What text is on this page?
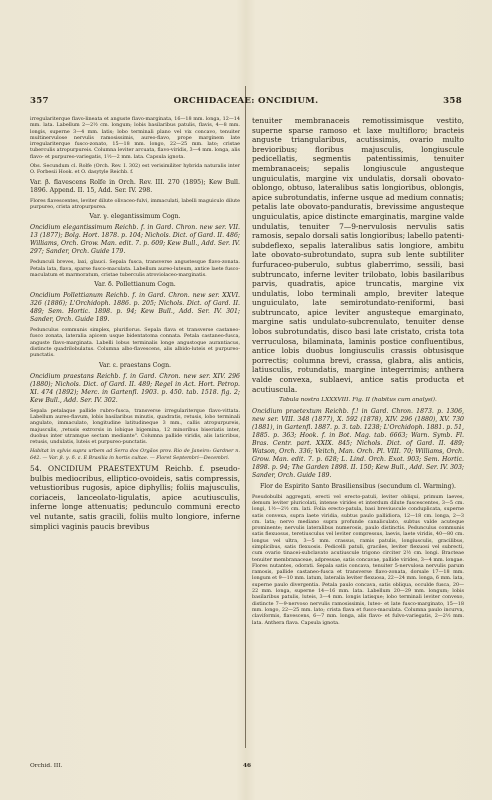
357	ORCHIDACEAE: ONCIDIUM.	358

irregulariterque flavo-lineata et anguste flavo-marginata, 16—18 mm. longa, 12—14 mm. lata. Labellum 2—2½ cm. longum; lobis basilaribus patulis, flavis, 4—8 mm. longis, superne 3—4 mm. latis; lobo terminali plano vel vix concavo, tenuiter multinervulose nervulis ramosissimis, aureo-flavo, prope marginem late irregulariterque fusco-zonato, 15—18 mm. longo, 22—25 mm. lato; cristae tuberculis atropurpureis. Columna leviter arcuata, flavo-viridis, 3—4 mm. longa, alis flavo- et purpureo-variegatis, 1½—2 mm. lata. Capsula ignota.

Obs. Secundum cl. Rolfe (Orch. Rev. I. 302) est verisimiliter hybrida naturalis inter O. Forbesii Hook. et O. dasytyle Reichb. f.

Var. β. flavescens Rolfe in Orch. Rev. III. 270 (1895); Kew Bull. 1896. Append. II. 15, Add. Ser. IV. 298.

Flores flavescentes, leviter dilute olivaceo-fulvi, immaculati, labelli maguiculo dilute purpureo, crista atropurpurea.

Var. γ. elegantissimum Cogn.

Oncidium elegantissimum Reichb. f. in Gard. Chron. new ser. VII. 13 (1877); Bolg. Hort. 1878. p. 104; Nichols. Dict. of Gard. II. 486; Williams, Orch. Grow. Man. edit. 7. p. 609; Kew Bull., Add. Ser. IV. 297; Sander, Orch. Guide 179.

Pedunculi breves, laxi, glauci. Sepala fusca, transverse angustesque flavo-zonata. Petala lata, flava, sparse fusco-maculata. Labellum aureo-luteum, antice laete fusco-maculatum et marmoratum, cristae tuberculis atroviolaceo-marginatis.

Var. δ. Pollettianum Cogn.

Oncidium Pollettianum Reichb. f. in Gard. Chron. new ser. XXVI. 326 (1886); L'Orchidoph. 1886. p. 205; Nichols. Dict. of Gard. II. 489; Sem. Hortic. 1898. p. 94; Kew Bull., Add. Ser. IV. 301; Sander, Orch. Guide 189.

Pedunculus communis simplex, pluriflorus. Sepala flava et transverse castaneo-fusco zonata, lateralia apicem usque bidentatoma connata. Petala castaneo-fusca, anguste flavo-marginata. Labelli lobus terminalis longe angustoque aurantiacus, distincte quadrilobulatus. Columna albo-flavescens, alis albido-luteis et purpureo-punctatis.

Var. ε. praestans Cogn.

Oncidium praestans Reichb. f. in Gard. Chron. new ser. XIV. 296 (1880); Nichols. Dict. of Gard. II. 489; Regel in Act. Hort. Petrop. XI. 474 (1892); Merc. in Gartenfl. 1903. p. 450. tab. 1518. fig. 2; Kew Bull., Add. Ser. IV. 302.

Sepala petalaque pallide rubro-fusca, transverse irregulariterque flavo-vittata. Labellum aureo-flavum, lobis basilaribus minutis, quadratis, retusis, lobo terminali angulato, immaculato, longitudine latitudineque 3 mm., callis atropurpureis, majusculis, ,retusis extrorsis in lobique bigemina, 12 minoribus biseriatis inter, duobus inter utramque sectam mediante". Columna pallide viridis, alis laticribus, retusis, undulatis, luteis et purpureo-punctatis.

Habitat in sylvis supra urbem ad Serra dos Orgãos prov. Rio de Janeiro: Gardner n. 642. — Var. β. γ. δ. ε. E Brasilia in hortis cultae. — Floret Septembri—Decembri.

54. ONCIDIUM PRAESTEXTUM Reichb. f. pseudo-bulbis mediocribus, elliptico-ovoideis, satis compressis, vetustioribus rugosis, apice diphyllis; foliis majusculis, coriaceis, lanceolato-ligulatis, apice acutiusculis, inferne longe attenuatis; pedunculo communi erecto vel nutante, satis gracili, foliis multo longiore, inferne simplici vaginis paucis brevibus

tenuiter membranaceis remotissimisque vestito, superne sparse ramoso et laxe multifloro; bracteis anguste triangularibus, acutissimis, ovario multo brevioribus; floribus majusculis, longiuscule pedicellatis, segmentis patentissimis, tenuiter membranaceis; sepalis longiuscule angusteque unguiculatis, margine vix undulatis, dorsali obovato-oblongo, obtuso, lateralibus satis longioribus, oblongis, apice subrotundatis, inferne usque ad medium connatis; petalis late obovato-panduratis, brevissime angusteque unguiculatis, apice distincte emarginatis, margine valde undulatis, tenuiter 7—9-nervulosis nervulis satis ramosis, sepalo dorsali satis longioribus; labello patenti-subdeflexo, sepalis lateralibus satis longiore, ambitu late obovato-subrotundato, supra sub lente subtiliter furfuraceo-puberulo, subtus glaberrimo, sessili, basi subtruncato, inferne leviter trilobato, lobis basilaribus parvis, quadratis, apice truncatis, margine vix undulatis, lobo terminali amplo, breviter lateque unguiculato, late semirotundato-reniformi, basi subtruncato, apice leviter angusteque emarginato, margine satis undulato-subcrenulato, tenuiter dense lobos subrotundatis, disco basi late cristato, crista tota verruculosa, bilaminata, laminis postice confluentibus, antice lobis duobus longiusculis crassis obtusisque porrectis; columna brevi, crassa, glabra, alis anticis, latiusculis, rotundatis, margine integerrimis; anthera valde convexa, sublaevi, antice satis producta et acutiuscula.

Tabula nostra LXXXVIII. Fig. II (habitus cum analysi).

Oncidium praetextum Reichb. f.! in Gard. Chron. 1873. p. 1306, new ser. VIII. 348 (1877), X. 592 (1878), XIV. 296 (1880), XV. 730 (1881), in Gartenfl. 1887. p. 3. tab. 1238; L'Orchidoph. 1881. p. 51, 1885. p. 363; Hook. f. in Bot. Mag. tab. 6663; Warn. Symb. Fl. Bras. Centr. part. XXIX. 845; Nichols. Dict. of Gard. II. 489; Watson, Orch. 336; Veitch, Man. Orch. Pl. VIII. 70; Williams, Orch. Grow. Man. edit. 7. p. 628; L. Lind. Orch. Exot. 903; Sem. Hortic. 1898. p. 94; The Garden 1898. II. 150; Kew Bull., Add. Ser. IV. 303; Sander, Orch. Guide 189.

Flor de Espirito Santo Brasiliensibus (secundum cl. Warming).

Pseudobulbi aggregati, erecti vel erecto-patuli, leviter obliqui, primum laeves, demum leviter pluricolati, intense virides et interdum dilute fuscescentes, 3—5 cm. longi, 1½—2½ cm. lati. Folia erecto-patula, basi breviuscule conduplicata, superne satis convexa, supra laete viridia, subtus paulo pallidiora, 12—18 cm. longa, 2—3 cm. lata; nervo mediano supra profunde canaliculato, subtus valde acuteque prominente; nervulis lateralibus numerosis, paulo distinctis. Pedunculus communis satis flexuosus, teretiusculus vel leviter compressus, laevis, laete viridis, 40—80 cm. longus vel ultra, 3—5 mm. crassus, ramis patulis, longiusculis, gracilibus, simplicibus, satis flexuosis. Pedicelli patuli, graciles, leviter flexuosi vel subrecti, cum ovario tinacei-subclavato acutiuscule trigono circiter 2½ cm. longi. Bracteae tenuiter membranaceae, adpressae, satis concavae, pallide virides, 3—4 mm. longae. Flores nutantes, odorati. Sepala satis concava, tenuiter 5-nervulosa nervulis parum ramosis, pallide castaneo-fusca et transverse flavo-zonata, dorsale 17—18 mm. longum et 9—10 mm. latum, lateralia leviter flexuosa, 22—24 mm. longa, 6 mm. lata, superne paulo divergentia. Petala paulo concava, satis obliqua, occulde fusca, 20—22 mm. longa, superne 14—16 mm. lata. Labellum 20—29 mm. longum; lobis basilaribus patulis, luteis, 3—4 mm. longis latisque; lobo terminali leviter convexo, distincte 7—9-nervoso nervulis ramosissimis, luteo- et late fusco-marginato, 15—18 mm. longo, 22—25 mm. lato; crista flava et fusco-maculata. Columna paulo incurva, claviformis, flavescens, 6—7 mm. longa, alis flavo- et fulvo-variegatis, 2—2½ mm. lata. Anthera flava. Capsula ignota.

Orchid. III.	46
